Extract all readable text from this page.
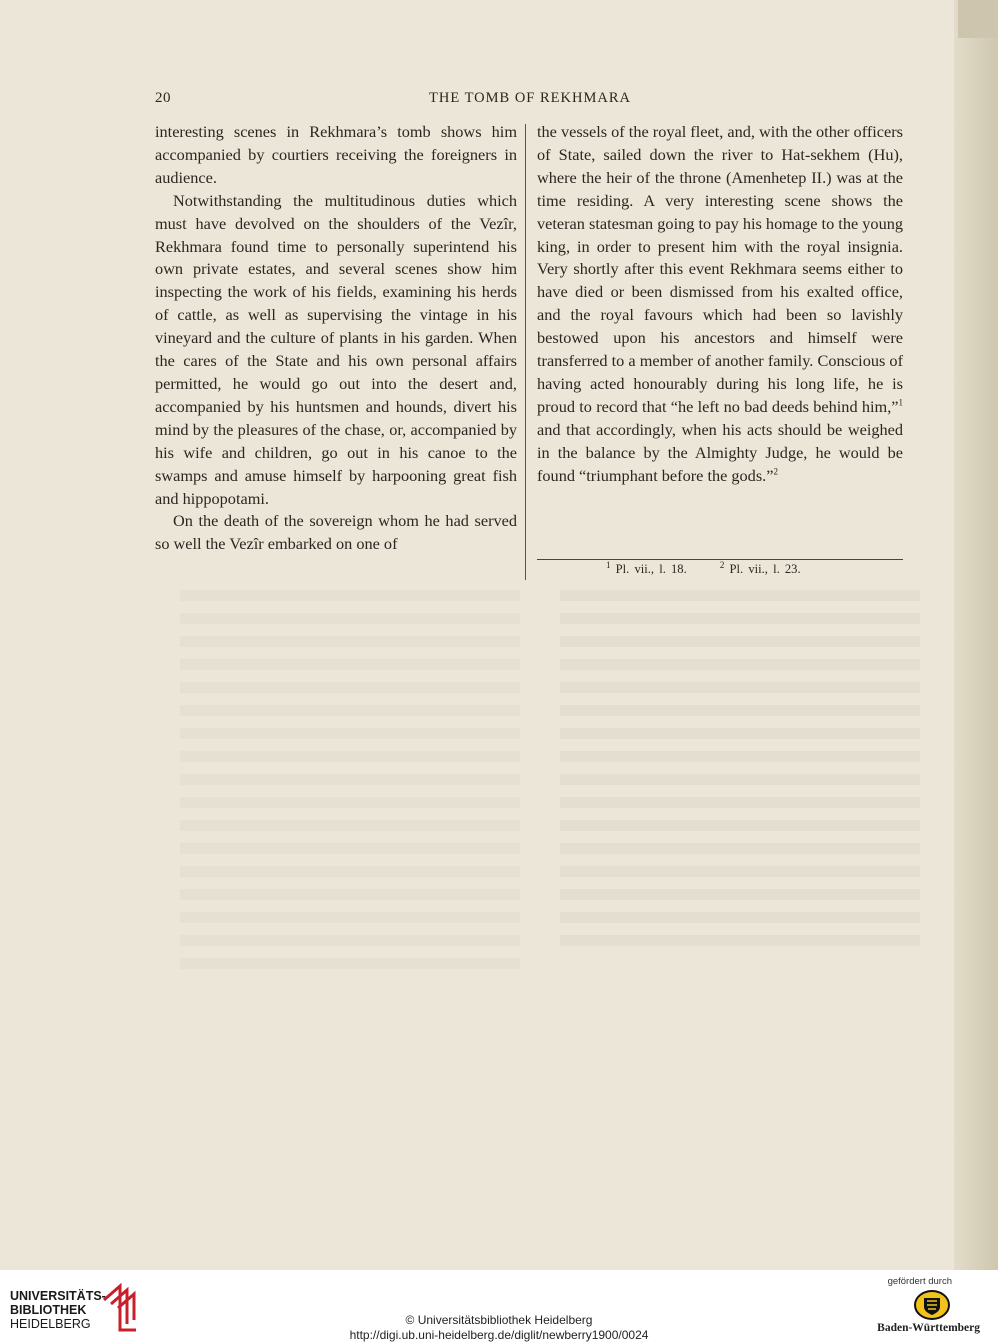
20	THE TOMB OF REKHMARA

interesting scenes in Rekhmara’s tomb shows him accompanied by courtiers receiving the foreigners in audience.

Notwithstanding the multitudinous duties which must have devolved on the shoulders of the Vezîr, Rekhmara found time to personally superintend his own private estates, and several scenes show him inspecting the work of his fields, examining his herds of cattle, as well as supervising the vintage in his vineyard and the culture of plants in his garden. When the cares of the State and his own personal affairs permitted, he would go out into the desert and, accompanied by his huntsmen and hounds, divert his mind by the pleasures of the chase, or, accompanied by his wife and children, go out in his canoe to the swamps and amuse himself by harpooning great fish and hippopotami.

On the death of the sovereign whom he had served so well the Vezîr embarked on one of

the vessels of the royal fleet, and, with the other officers of State, sailed down the river to Hat-sekhem (Hu), where the heir of the throne (Amenhetep II.) was at the time residing. A very interesting scene shows the veteran statesman going to pay his homage to the young king, in order to present him with the royal insignia. Very shortly after this event Rekhmara seems either to have died or been dismissed from his exalted office, and the royal favours which had been so lavishly bestowed upon his ancestors and himself were transferred to a member of another family. Conscious of having acted honourably during his long life, he is proud to record that “he left no bad deeds behind him,”$^1$ and that accordingly, when his acts should be weighed in the balance by the Almighty Judge, he would be found “triumphant before the gods.”$^2$

$^1$ Pl. vii., l. 18.	$^2$ Pl. vii., l. 23.
UNIVERSITÄTS-
BIBLIOTHEK
HEIDELBERG	© Universitätsbibliothek Heidelberg
http://digi.ub.uni-heidelberg.de/diglit/newberry1900/0024
gefördert durch
Baden-Württemberg
